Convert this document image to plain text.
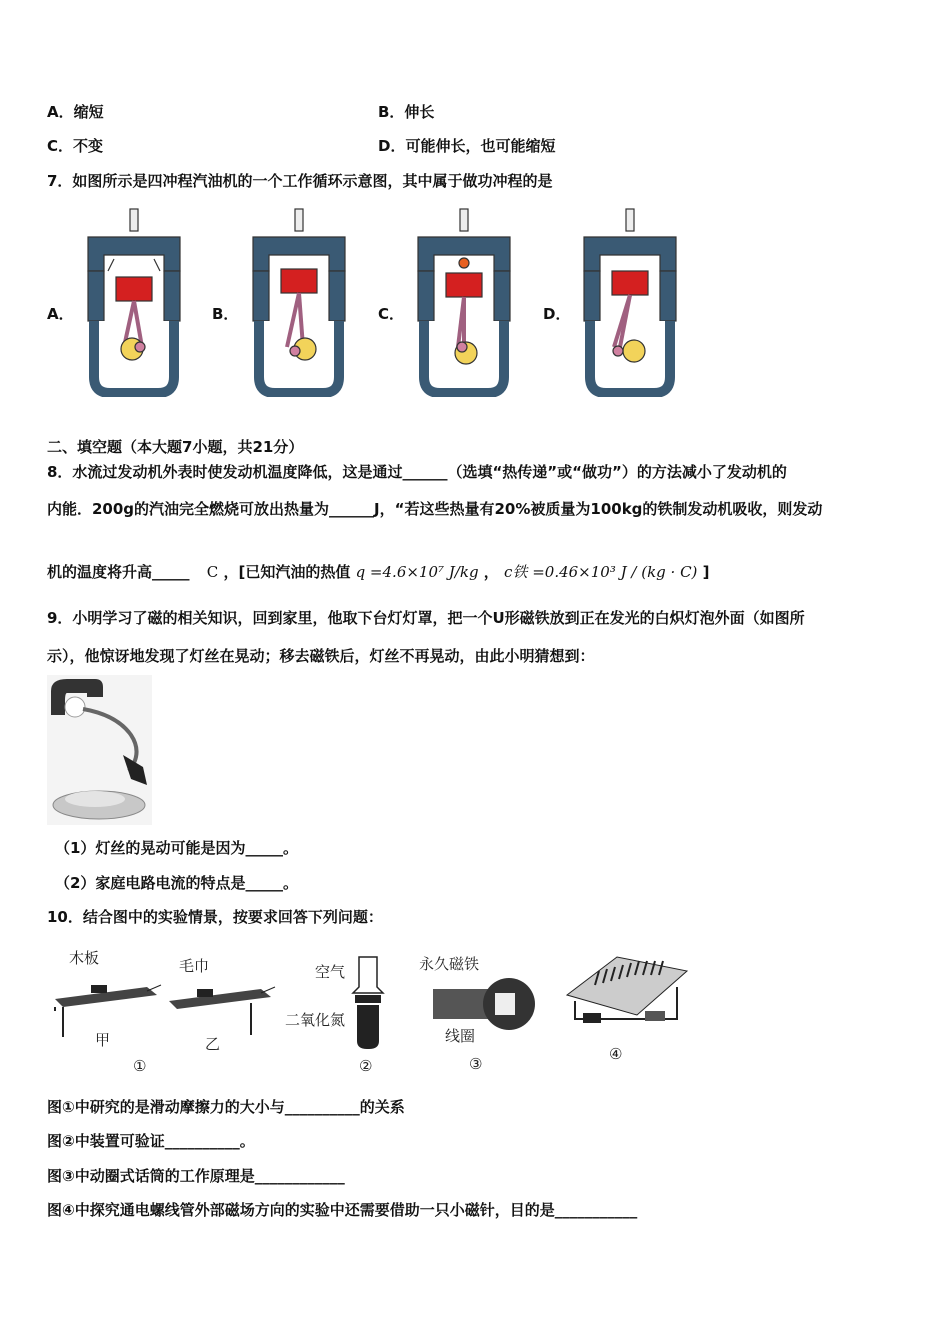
A．缩短	B．伸长
C．不变	D．可能伸长，也可能缩短
7．如图所示是四冲程汽油机的一个工作循环示意图，其中属于做功冲程的是
A．	B．	C．	D．
二、填空题（本大题7小题，共21分）
8．水流过发动机外表时使发动机温度降低，这是通过______（选填“热传递”或“做功”）的方法减小了发动机的
内能．200g的汽油完全燃烧可放出热量为______J，“若这些热量有20%被质量为100kg的铁制发动机吸收，则发动
机的温度将升高_____ C ，[已知汽油的热值 q =4.6×10⁷ J/kg ， c铁 =0.46×10³ J / (kg · C) ]
9．小明学习了磁的相关知识，回到家里，他取下台灯灯罩，把一个U形磁铁放到正在发光的白炽灯泡外面（如图所
示），他惊讶地发现了灯丝在晃动；移去磁铁后，灯丝不再晃动，由此小明猜想到：
（1）灯丝的晃动可能是因为_____。
（2）家庭电路电流的特点是_____。
10．结合图中的实验情景，按要求回答下列问题：
木板	毛巾
甲	乙
①
空气
二氧化氮
②
永久磁铁
线圈
③
④
图①中研究的是滑动摩擦力的大小与__________的关系
图②中装置可验证__________。
图③中动圈式话筒的工作原理是____________
图④中探究通电螺线管外部磁场方向的实验中还需要借助一只小磁针，目的是___________
